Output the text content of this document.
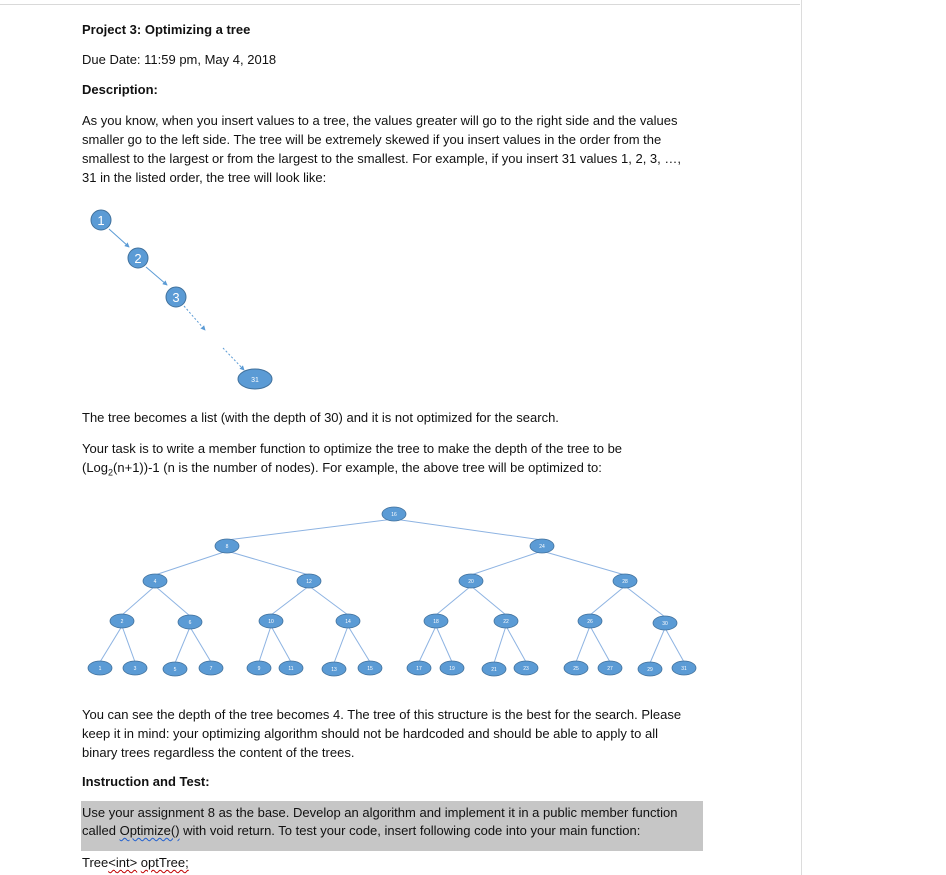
Project 3: Optimizing a tree
Due Date: 11:59 pm, May 4, 2018
Description:
As you know, when you insert values to a tree, the values greater will go to the right side and the values
smaller go to the left side. The tree will be extremely skewed if you insert values in the order from the
smallest to the largest or from the largest to the smallest. For example, if you insert 31 values 1, 2, 3, …,
31 in the listed order, the tree will look like:
1
2
3
31
The tree becomes a list (with the depth of 30) and it is not optimized for the search.
Your task is to write a member function to optimize the tree to make the depth of the tree to be
(Log$_2$(n+1))-1 (n is the number of nodes). For example, the above tree will be optimized to:
16
8	24
4	12	20	28
2	6	10	14	18	22	26	30
1	3	5	7	9	11	13	15	17	19	21	23	25	27	29	31
You can see the depth of the tree becomes 4. The tree of this structure is the best for the search. Please
keep it in mind: your optimizing algorithm should not be hardcoded and should be able to apply to all
binary trees regardless the content of the trees.
Instruction and Test:
Use your assignment 8 as the base. Develop an algorithm and implement it in a public member function
called Optimize() with void return. To test your code, insert following code into your main function:
Tree<int> optTree;
